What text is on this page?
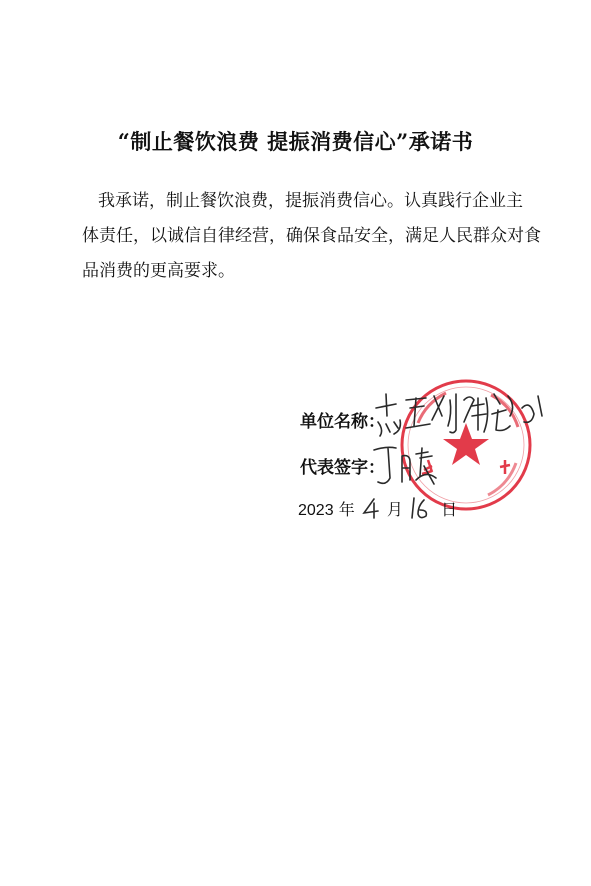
“制止餐饮浪费 提振消费信心”承诺书
我承诺，制止餐饮浪费，提振消费信心。认真践行企业主
体责任，以诚信自律经营，确保食品安全，满足人民群众对食
品消费的更高要求。
单位名称：
代表签字：
2023 年 月 日
